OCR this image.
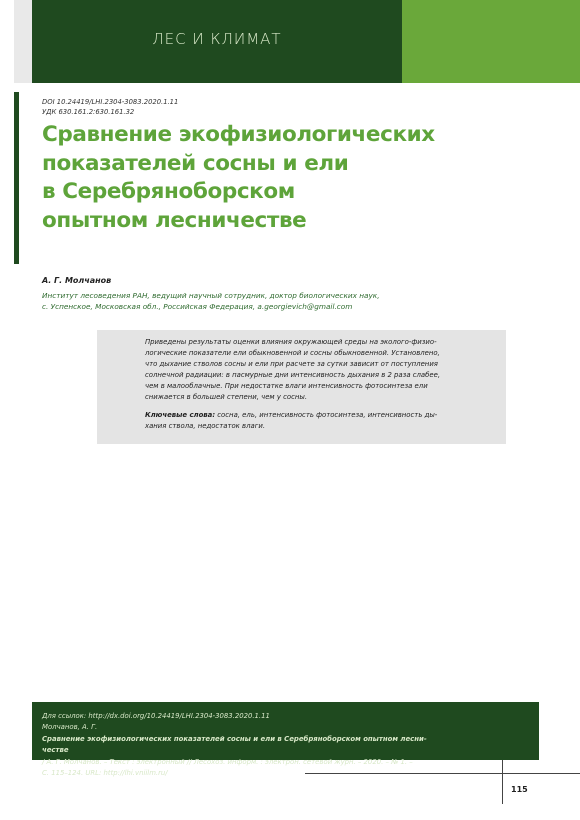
ЛЕС И КЛИМАТ
DOI 10.24419/LHI.2304-3083.2020.1.11
УДК 630.161.2:630.161.32
Сравнение экофизиологических
показателей сосны и ели
в Серебряноборском
опытном лесничестве
А. Г. Молчанов
Институт лесоведения РАН, ведущий научный сотрудник, доктор биологических наук,
с. Успенское, Московская обл., Российская Федерация, a.georgievich@gmail.com
Приведены результаты оценки влияния окружающей среды на эколого-физио-
логические показатели ели обыкновенной и сосны обыкновенной. Установлено,
что дыхание стволов сосны и ели при расчете за сутки зависит от поступления
солнечной радиации: в пасмурные дни интенсивность дыхания в 2 раза слабее,
чем в малооблачные. При недостатке влаги интенсивность фотосинтеза ели
снижается в большей степени, чем у сосны.
Ключевые слова: сосна, ель, интенсивность фотосинтеза, интенсивность ды-
хания ствола, недостаток влаги.
Для ссылок: http://dx.doi.org/10.24419/LHI.2304-3083.2020.1.11
Молчанов, А. Г.
Сравнение экофизиологических показателей сосны и ели в Серебряноборском опытном лесни-
честве
/ А. Г. Молчанов. – Текст : электронный // Лесохоз. информ. : электрон. сетевой журн. – 2020. – № 1. –
С. 115–124. URL: http://lhi.vniilm.ru/
115
